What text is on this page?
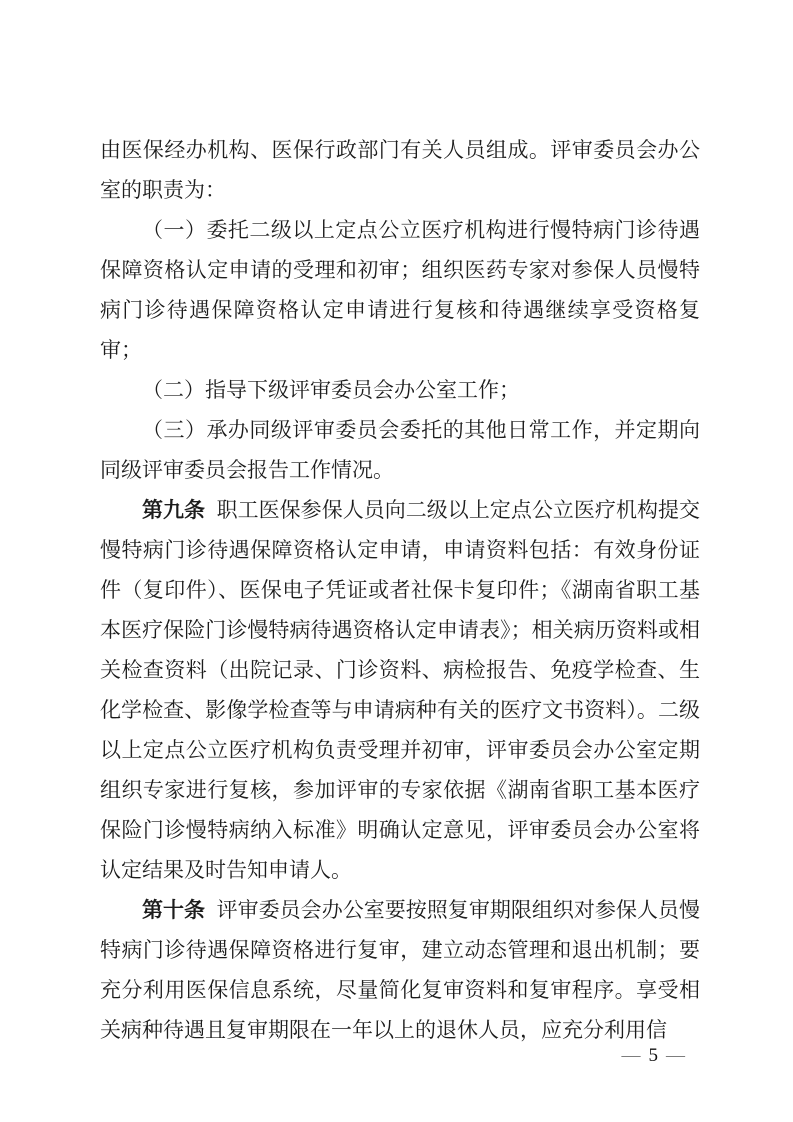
由医保经办机构、医保行政部门有关人员组成。评审委员会办公室的职责为：

（一）委托二级以上定点公立医疗机构进行慢特病门诊待遇保障资格认定申请的受理和初审；组织医药专家对参保人员慢特病门诊待遇保障资格认定申请进行复核和待遇继续享受资格复审；

（二）指导下级评审委员会办公室工作；

（三）承办同级评审委员会委托的其他日常工作，并定期向同级评审委员会报告工作情况。

第九条 职工医保参保人员向二级以上定点公立医疗机构提交慢特病门诊待遇保障资格认定申请，申请资料包括：有效身份证件（复印件）、医保电子凭证或者社保卡复印件；《湖南省职工基本医疗保险门诊慢特病待遇资格认定申请表》；相关病历资料或相关检查资料（出院记录、门诊资料、病检报告、免疫学检查、生化学检查、影像学检查等与申请病种有关的医疗文书资料）。二级以上定点公立医疗机构负责受理并初审，评审委员会办公室定期组织专家进行复核，参加评审的专家依据《湖南省职工基本医疗保险门诊慢特病纳入标准》明确认定意见，评审委员会办公室将认定结果及时告知申请人。

第十条 评审委员会办公室要按照复审期限组织对参保人员慢特病门诊待遇保障资格进行复审，建立动态管理和退出机制；要充分利用医保信息系统，尽量简化复审资料和复审程序。享受相关病种待遇且复审期限在一年以上的退休人员，应充分利用信

— 5 —
